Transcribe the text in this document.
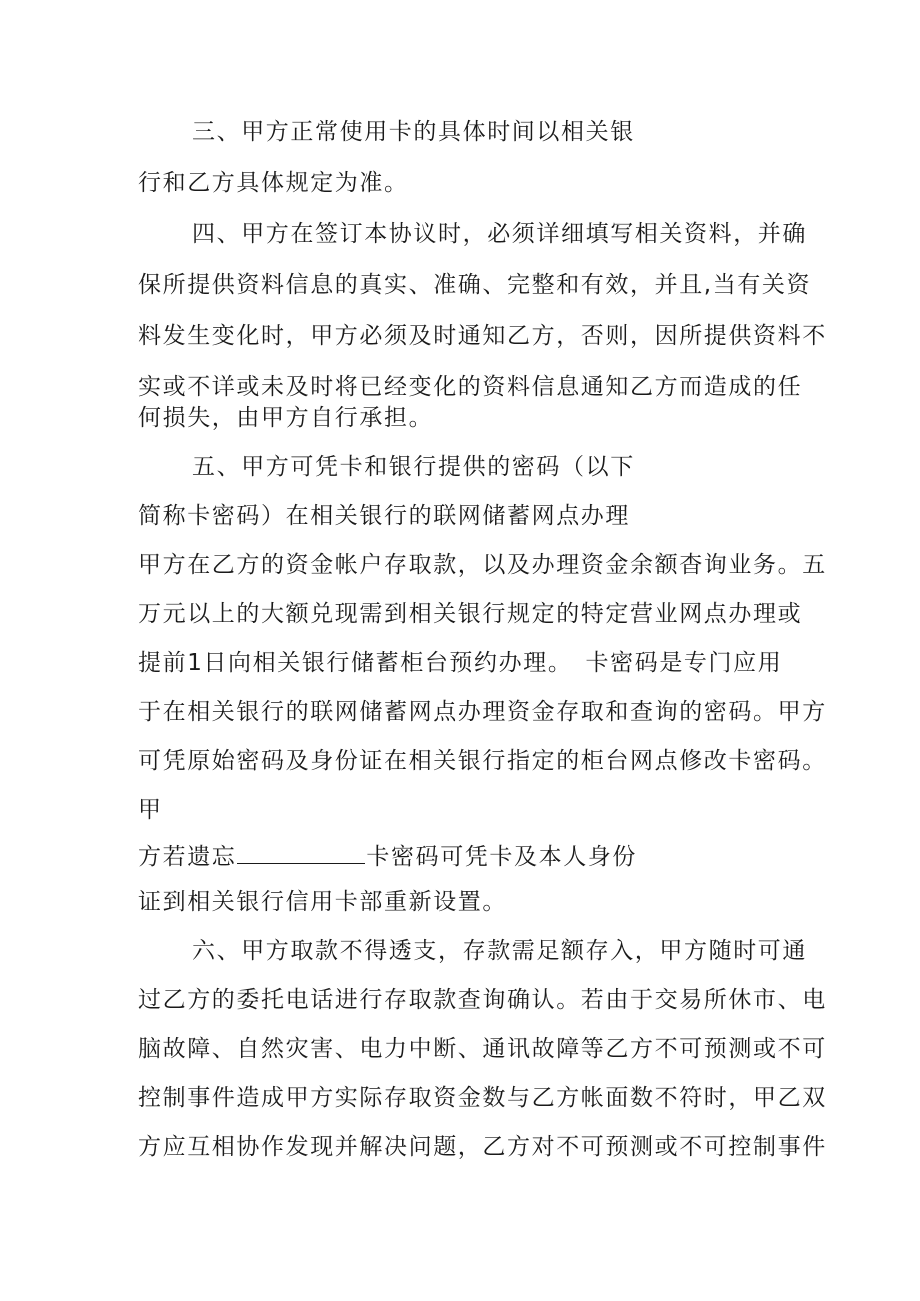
三、甲方正常使用卡的具体时间以相关银
行和乙方具体规定为准。
四、甲方在签订本协议时，必须详细填写相关资料，并确
保所提供资料信息的真实、准确、完整和有效，并且,当有关资
料发生变化时，甲方必须及时通知乙方，否则，因所提供资料不
实或不详或未及时将已经变化的资料信息通知乙方而造成的任
何损失，由甲方自行承担。
五、甲方可凭卡和银行提供的密码（以下
简称卡密码）在相关银行的联网储蓄网点办理
甲方在乙方的资金帐户存取款，以及办理资金余额杳询业务。五
万元以上的大额兑现需到相关银行规定的特定营业网点办理或
提前1日向相关银行储蓄柜台预约办理。　卡密码是专门应用
于在相关银行的联网储蓄网点办理资金存取和查询的密码。甲方
可凭原始密码及身份证在相关银行指定的柜台网点修改卡密码。
甲
方若遗忘	卡密码可凭卡及本人身份
证到相关银行信用卡部重新设置。
六、甲方取款不得透支，存款需足额存入，甲方随时可通
过乙方的委托电话进行存取款查询确认。若由于交易所休市、电
脑故障、自然灾害、电力中断、通讯故障等乙方不可预测或不可
控制事件造成甲方实际存取资金数与乙方帐面数不符时，甲乙双
方应互相协作发现并解决问题，乙方对不可预测或不可控制事件
